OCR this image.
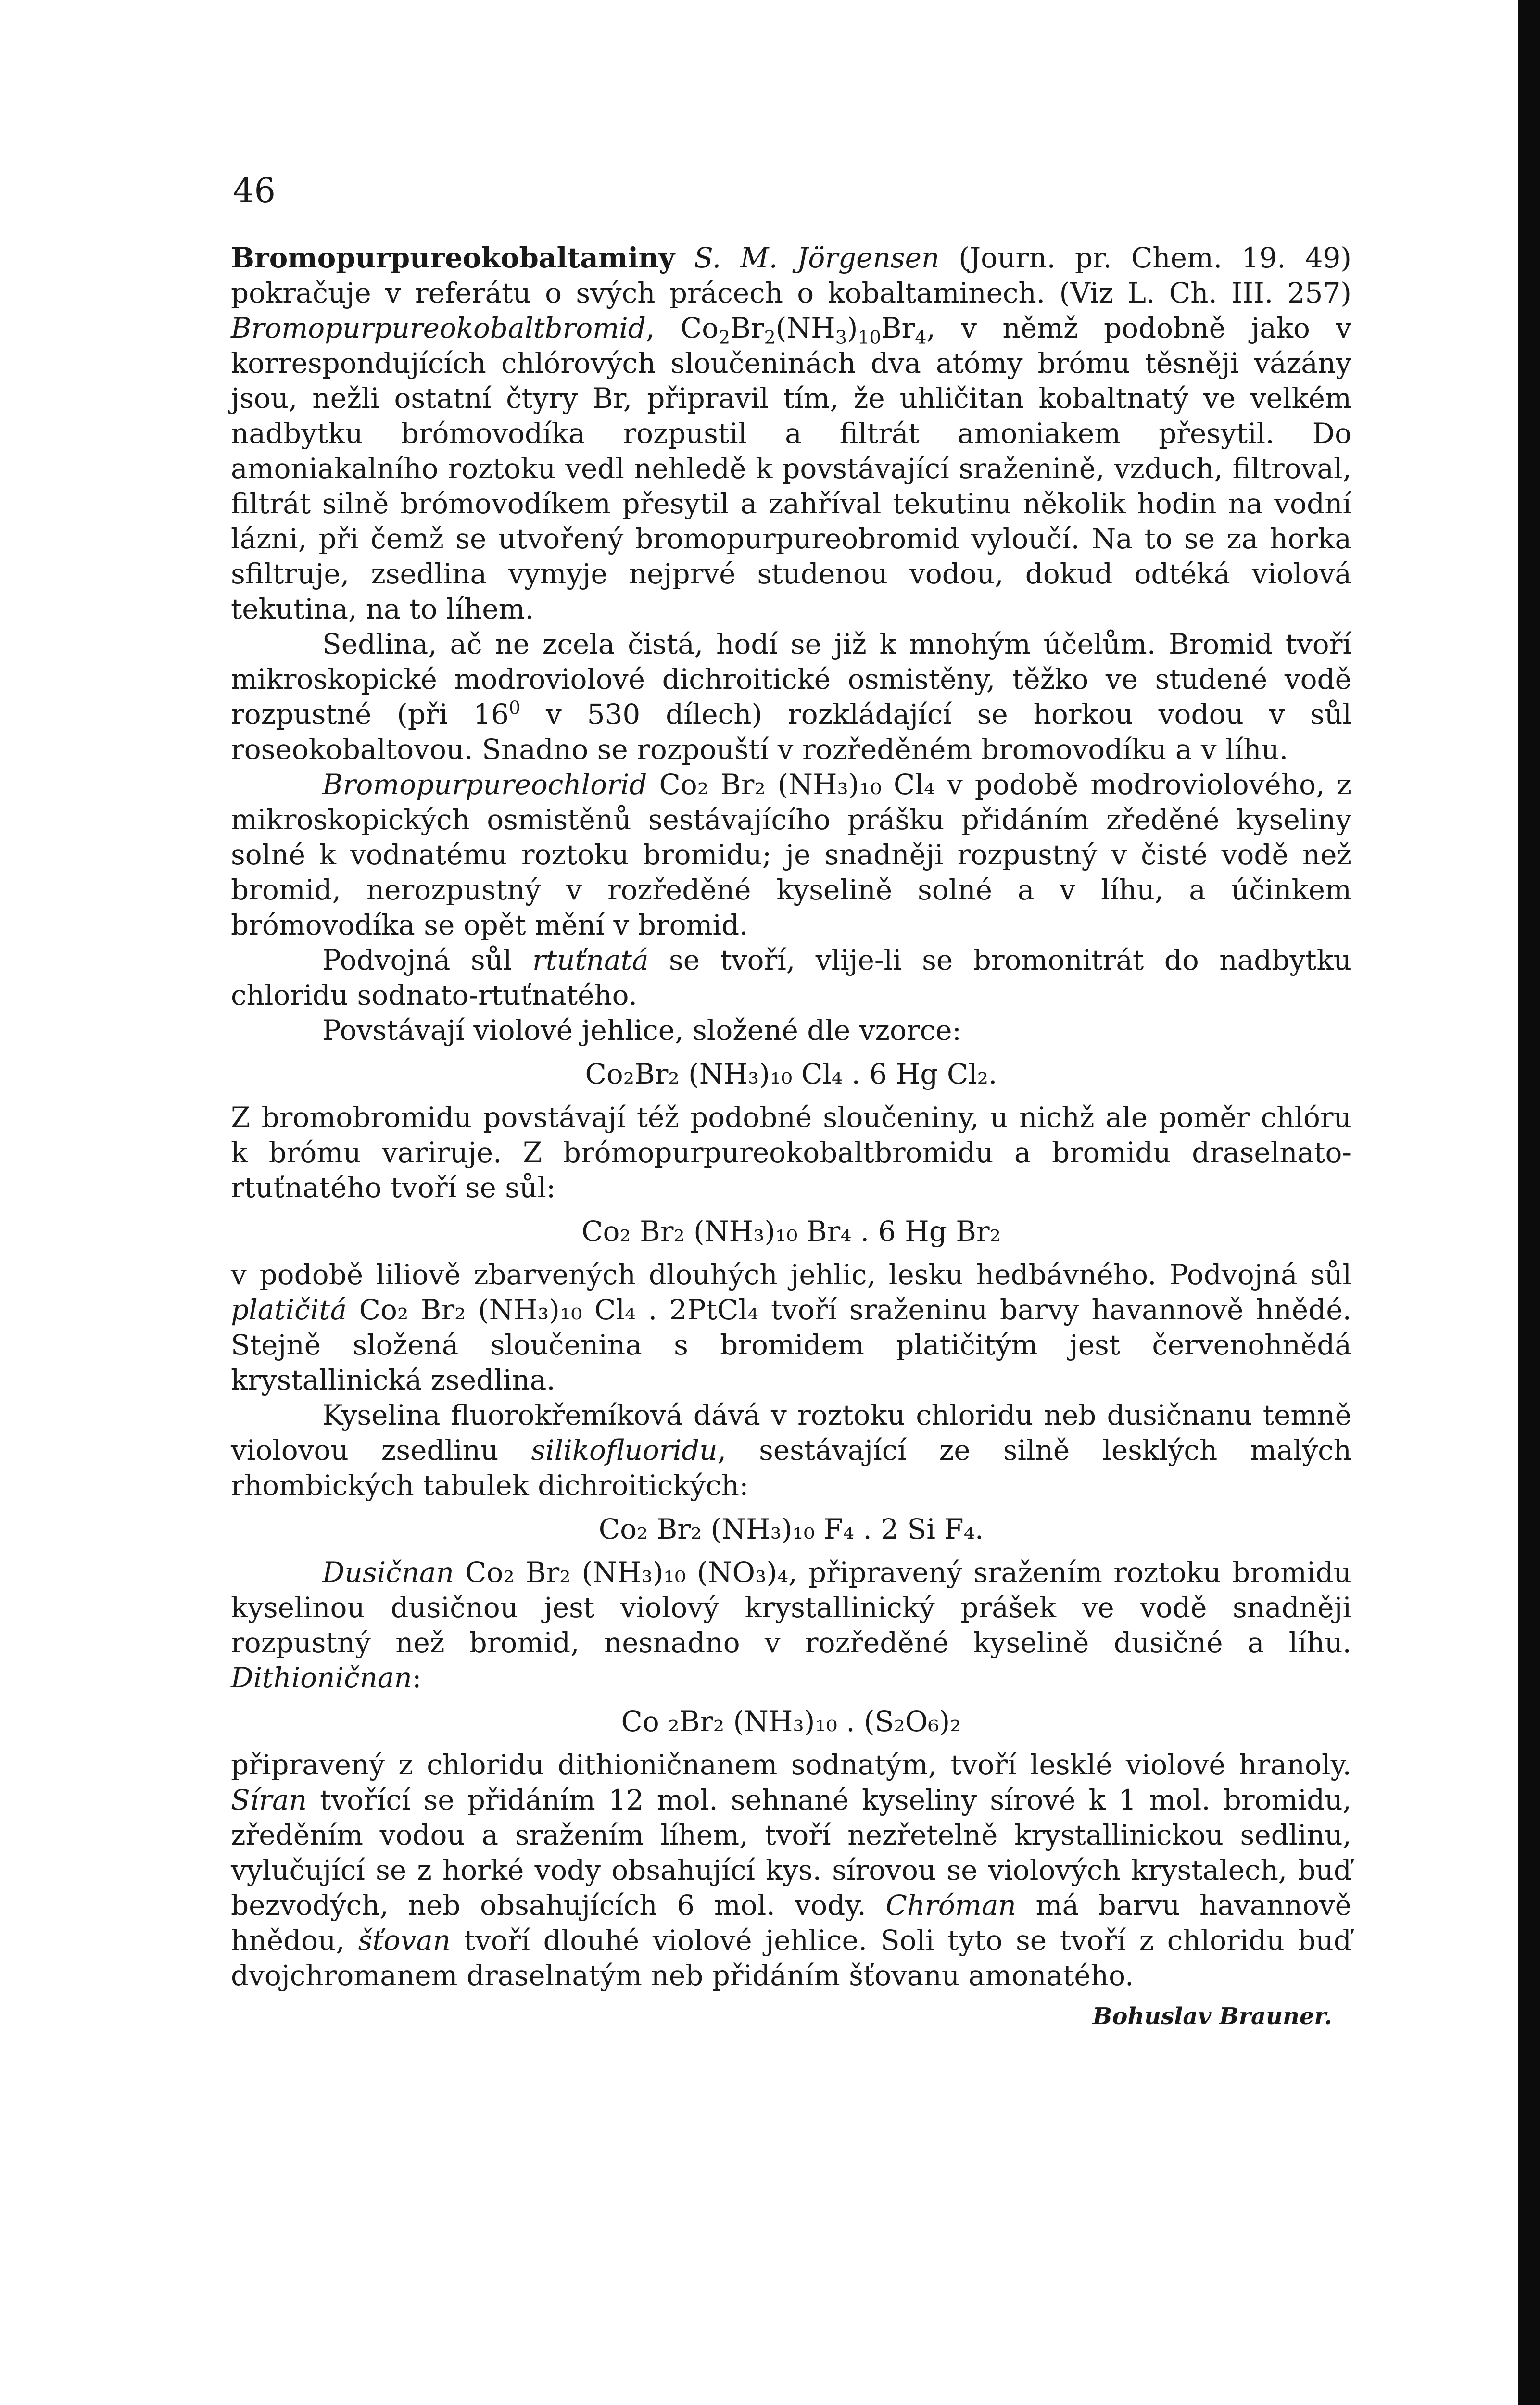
46

Bromopurpureokobaltaminy S. M. Jörgensen (Journ. pr. Chem. 19. 49) pokračuje v referátu o svých prácech o kobaltaminech. (Viz L. Ch. III. 257) Bromopurpureokobaltbromid, $Co_2Br_2(NH_3)_{10}Br_4$, v němž podobně jako v korrespondujících chlórových sloučeninách dva atómy brómu těsněji vázány jsou, nežli ostatní čtyry Br, připravil tím, že uhličitan kobaltnatý ve velkém nadbytku brómovodíka rozpustil a filtrát amoniakem přesytil. Do amoniakalního roztoku vedl nehledě k povstávající sraženině, vzduch, filtroval, filtrát silně brómovodíkem přesytil a zahříval tekutinu několik hodin na vodní lázni, při čemž se utvořený bromopurpureobromid vyloučí. Na to se za horka sfiltruje, zsedlina vymyje nejprvé studenou vodou, dokud odtéká violová tekutina, na to líhem.

Sedlina, ač ne zcela čistá, hodí se již k mnohým účelům. Bromid tvoří mikroskopické modroviolové dichroitické osmistěny, těžko ve studené vodě rozpustné (při $16^0$ v 530 dílech) rozkládající se horkou vodou v sůl roseokobaltovou. Snadno se rozpouští v rozředěném bromovodíku a v líhu.

Bromopurpureochlorid Co₂ Br₂ (NH₃)₁₀ Cl₄ v podobě modroviolového, z mikroskopických osmistěnů sestávajícího prášku přidáním zředěné kyseliny solné k vodnatému roztoku bromidu; je snadněji rozpustný v čisté vodě než bromid, nerozpustný v rozředěné kyselině solné a v líhu, a účinkem brómovodíka se opět mění v bromid.

Podvojná sůl rtuťnatá se tvoří, vlije-li se bromonitrát do nadbytku chloridu sodnato-rtuťnatého.

Povstávají violové jehlice, složené dle vzorce:

Co₂Br₂ (NH₃)₁₀ Cl₄ . 6 Hg Cl₂.

Z bromobromidu povstávají též podobné sloučeniny, u nichž ale poměr chlóru k brómu variruje. Z brómopurpureokobaltbromidu a bromidu draselnato-rtuťnatého tvoří se sůl:

Co₂ Br₂ (NH₃)₁₀ Br₄ . 6 Hg Br₂

v podobě liliově zbarvených dlouhých jehlic, lesku hedbávného. Podvojná sůl platičitá Co₂ Br₂ (NH₃)₁₀ Cl₄ . 2PtCl₄ tvoří sraženinu barvy havannově hnědé. Stejně složená sloučenina s bromidem platičitým jest červenohnědá krystallinická zsedlina.

Kyselina fluorokřemíková dává v roztoku chloridu neb dusičnanu temně violovou zsedlinu silikofluoridu, sestávající ze silně lesklých malých rhombických tabulek dichroitických:

Co₂ Br₂ (NH₃)₁₀ F₄ . 2 Si F₄.

Dusičnan Co₂ Br₂ (NH₃)₁₀ (NO₃)₄, připravený sražením roztoku bromidu kyselinou dusičnou jest violový krystallinický prášek ve vodě snadněji rozpustný než bromid, nesnadno v rozředěné kyselině dusičné a líhu. Dithioničnan:

Co ₂Br₂ (NH₃)₁₀ . (S₂O₆)₂

připravený z chloridu dithioničnanem sodnatým, tvoří lesklé violové hranoly. Síran tvořící se přidáním 12 mol. sehnané kyseliny sírové k 1 mol. bromidu, zředěním vodou a sražením líhem, tvoří nezřetelně krystallinickou sedlinu, vylučující se z horké vody obsahující kys. sírovou se violových krystalech, buď bezvodých, neb obsahujících 6 mol. vody. Chróman má barvu havannově hnědou, šťovan tvoří dlouhé violové jehlice. Soli tyto se tvoří z chloridu buď dvojchromanem draselnatým neb přidáním šťovanu amonatého.

Bohuslav Brauner.
